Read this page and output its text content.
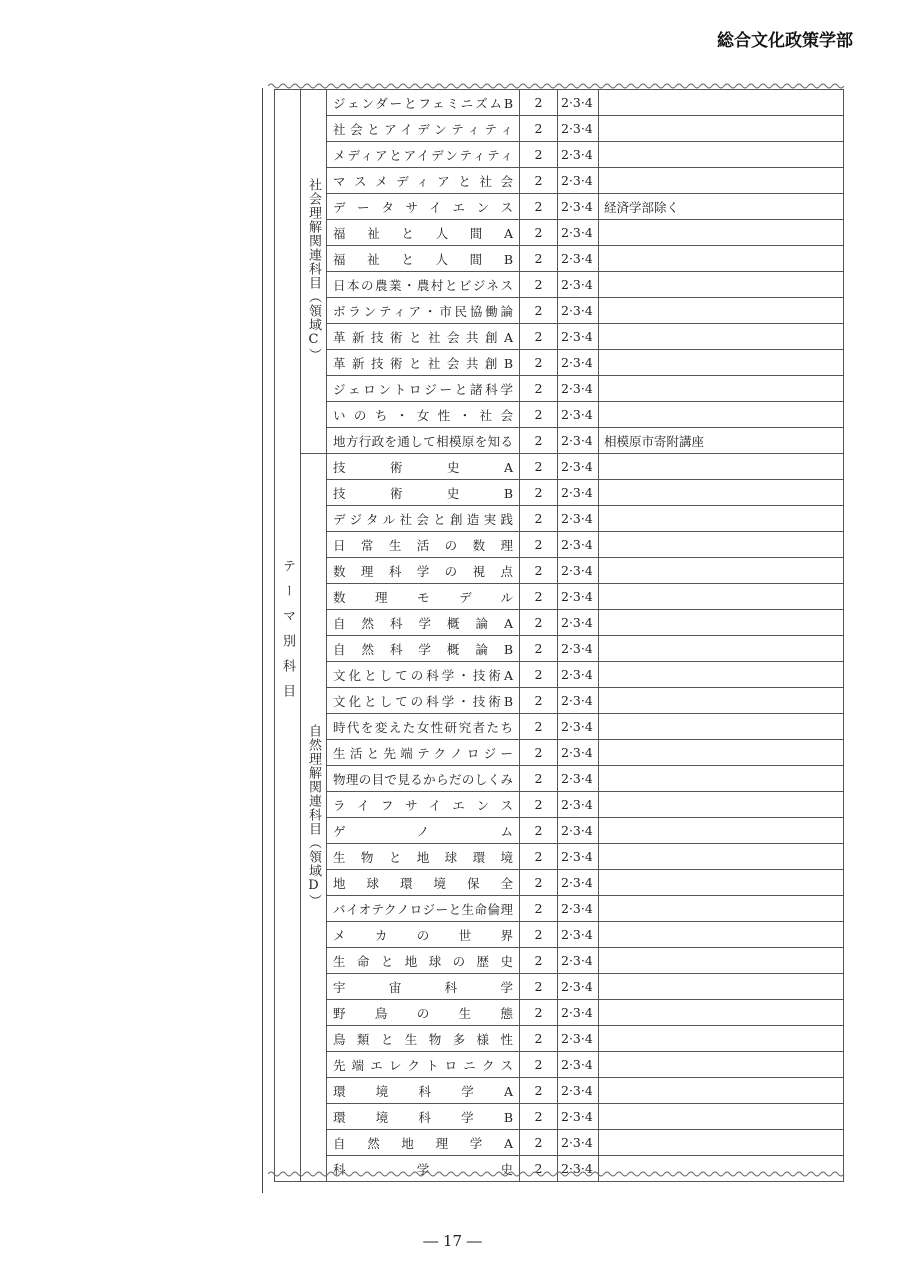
総合文化政策学部
テーマ別科目	社会理解関連科目（領域C）	ジェンダーとフェミニズムB	2	2·3·4	
		社会とアイデンティティ	2	2·3·4	
		メディアとアイデンティティ	2	2·3·4	
		マスメディアと社会	2	2·3·4	
		データサイエンス	2	2·3·4	経済学部除く
		福祉と人間A	2	2·3·4	
		福祉と人間B	2	2·3·4	
		日本の農業・農村とビジネス	2	2·3·4	
		ボランティア・市民協働論	2	2·3·4	
		革新技術と社会共創A	2	2·3·4	
		革新技術と社会共創B	2	2·3·4	
		ジェロントロジーと諸科学	2	2·3·4	
		いのち・女性・社会	2	2·3·4	
		地方行政を通して相模原を知る	2	2·3·4	相模原市寄附講座
	自然理解関連科目（領域D）	技術史A	2	2·3·4	
		技術史B	2	2·3·4	
		デジタル社会と創造実践	2	2·3·4	
		日常生活の数理	2	2·3·4	
		数理科学の視点	2	2·3·4	
		数理モデル	2	2·3·4	
		自然科学概論A	2	2·3·4	
		自然科学概論B	2	2·3·4	
		文化としての科学・技術A	2	2·3·4	
		文化としての科学・技術B	2	2·3·4	
		時代を変えた女性研究者たち	2	2·3·4	
		生活と先端テクノロジー	2	2·3·4	
		物理の目で見るからだのしくみ	2	2·3·4	
		ライフサイエンス	2	2·3·4	
		ゲノム	2	2·3·4	
		生物と地球環境	2	2·3·4	
		地球環境保全	2	2·3·4	
		バイオテクノロジーと生命倫理	2	2·3·4	
		メカの世界	2	2·3·4	
		生命と地球の歴史	2	2·3·4	
		宇宙科学	2	2·3·4	
		野鳥の生態	2	2·3·4	
		鳥類と生物多様性	2	2·3·4	
		先端エレクトロニクス	2	2·3·4	
		環境科学A	2	2·3·4	
		環境科学B	2	2·3·4	
		自然地理学A	2	2·3·4	
		科学史	2	2·3·4	
― 17 ―
